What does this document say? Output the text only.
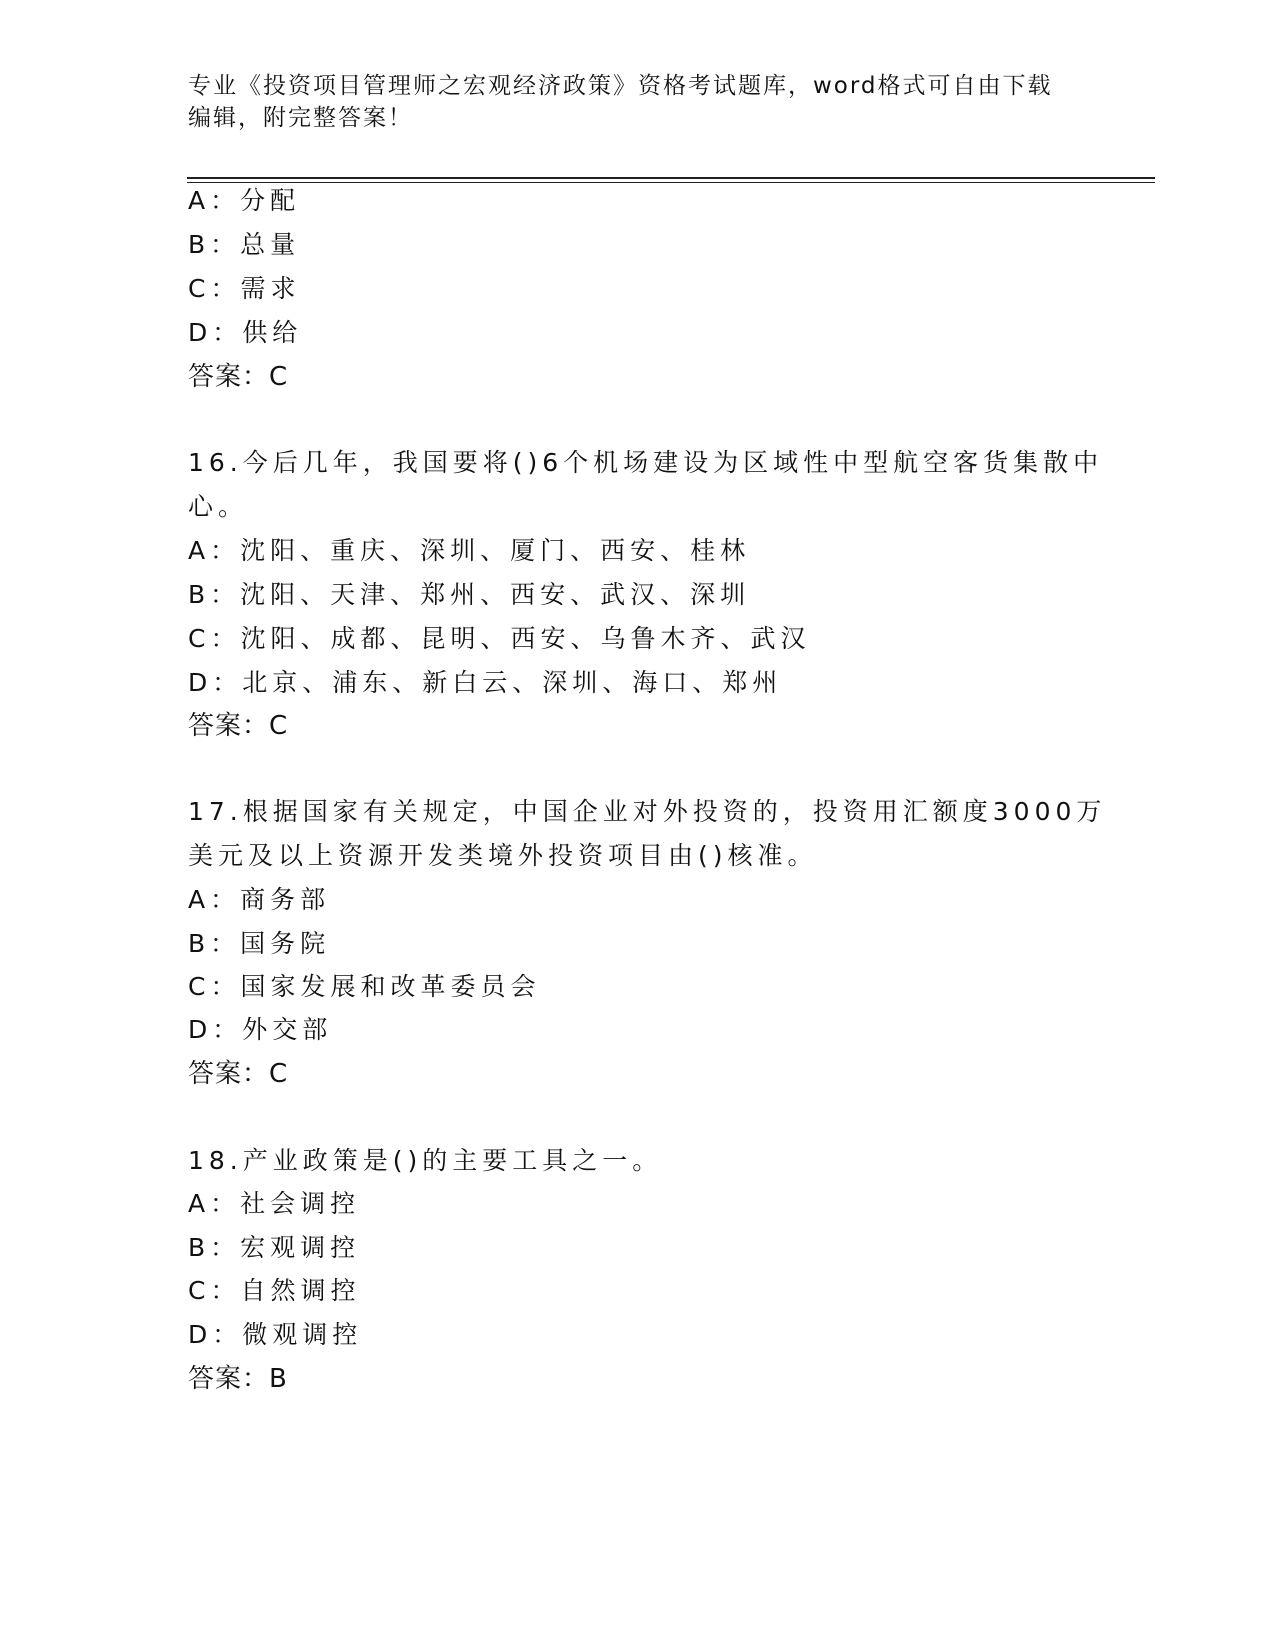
专业《投资项目管理师之宏观经济政策》资格考试题库，word格式可自由下载编辑，附完整答案！
A：分配
B：总量
C：需求
D：供给
答案：C
16.今后几年，我国要将()6个机场建设为区域性中型航空客货集散中
心。
A：沈阳、重庆、深圳、厦门、西安、桂林
B：沈阳、天津、郑州、西安、武汉、深圳
C：沈阳、成都、昆明、西安、乌鲁木齐、武汉
D：北京、浦东、新白云、深圳、海口、郑州
答案：C
17.根据国家有关规定，中国企业对外投资的，投资用汇额度3000万
美元及以上资源开发类境外投资项目由()核准。
A：商务部
B：国务院
C：国家发展和改革委员会
D：外交部
答案：C
18.产业政策是()的主要工具之一。
A：社会调控
B：宏观调控
C：自然调控
D：微观调控
答案：B
